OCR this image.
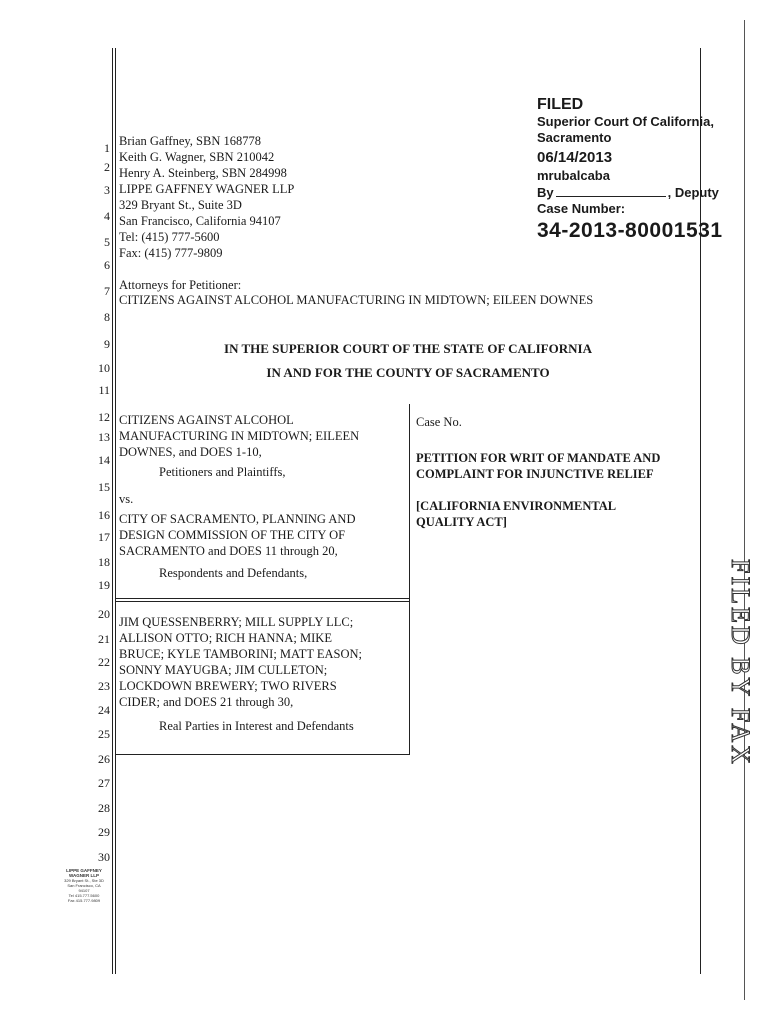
1
2
3
4
5
6
7
8
9
10
11
12
13
14
15
16
17
18
19
20
21
22
23
24
25
26
27
28
29
30
Brian Gaffney, SBN 168778
Keith G. Wagner, SBN 210042
Henry A. Steinberg, SBN 284998
LIPPE GAFFNEY WAGNER LLP
329 Bryant St., Suite 3D
San Francisco, California 94107
Tel: (415) 777-5600
Fax: (415) 777-9809
Attorneys for Petitioner:
CITIZENS AGAINST ALCOHOL MANUFACTURING IN MIDTOWN; EILEEN DOWNES
FILED
Superior Court Of California,
Sacramento
06/14/2013
mrubalcaba
By	, Deputy
Case Number:
34-2013-80001531
IN THE SUPERIOR COURT OF THE STATE OF CALIFORNIA
IN AND FOR THE COUNTY OF SACRAMENTO
CITIZENS AGAINST ALCOHOL
MANUFACTURING IN MIDTOWN; EILEEN
DOWNES, and DOES 1-10,
Petitioners and Plaintiffs,
vs.
CITY OF SACRAMENTO, PLANNING AND
DESIGN COMMISSION OF THE CITY OF
SACRAMENTO and DOES 11 through 20,
Respondents and Defendants,
JIM QUESSENBERRY; MILL SUPPLY LLC;
ALLISON OTTO; RICH HANNA; MIKE
BRUCE; KYLE TAMBORINI; MATT EASON;
SONNY MAYUGBA; JIM CULLETON;
LOCKDOWN BREWERY; TWO RIVERS
CIDER; and DOES 21 through 30,
Real Parties in Interest and Defendants
Case No.
PETITION FOR WRIT OF MANDATE AND
COMPLAINT FOR INJUNCTIVE RELIEF
[CALIFORNIA ENVIRONMENTAL
QUALITY ACT]
LIPPE GAFFNEY
WAGNER LLP
329 Bryant St., Ste 3D
San Francisco, CA
94107
Tel 415.777.5600
Fax 415.777.9809
FILED BY FAX
